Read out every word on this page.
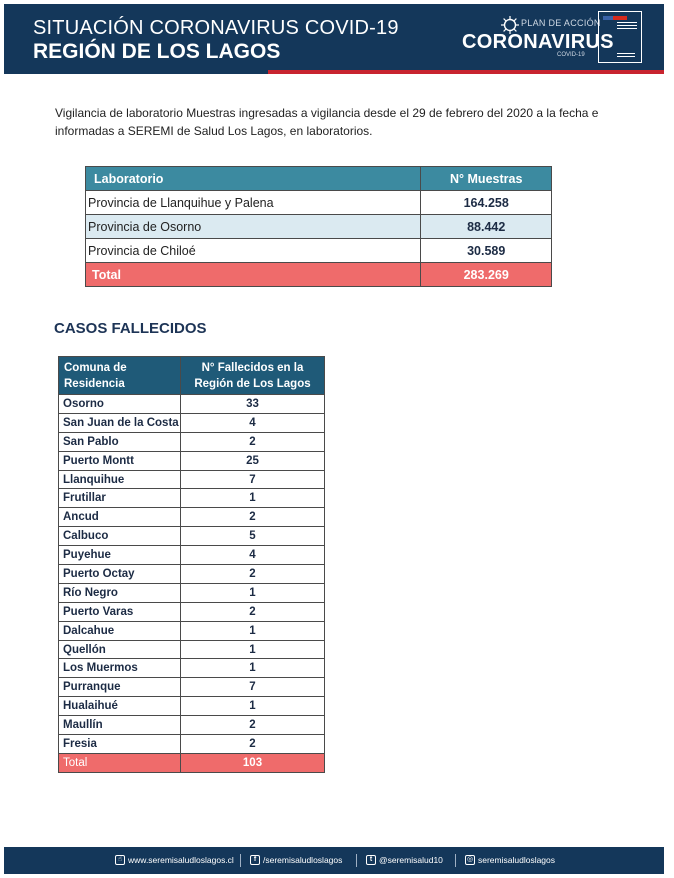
SITUACIÓN CORONAVIRUS COVID-19
REGIÓN DE LOS LAGOS
PLAN DE ACCIÓN
CORONAVIRUS
COVID-19

Vigilancia de laboratorio Muestras ingresadas a vigilancia desde el 29 de febrero del 2020 a la fecha e informadas a SEREMI de Salud Los Lagos, en laboratorios.

Laboratorio	N° Muestras
Provincia de Llanquihue y Palena	164.258
Provincia de Osorno	88.442
Provincia de Chiloé	30.589
Total	283.269
CASOS FALLECIDOS
Comuna de Residencia	N° Fallecidos en la Región de Los Lagos
Osorno	33
San Juan de la Costa	4
San Pablo	2
Puerto Montt	25
Llanquihue	7
Frutillar	1
Ancud	2
Calbuco	5
Puyehue	4
Puerto Octay	2
Río Negro	1
Puerto Varas	2
Dalcahue	1
Quellón	1
Los Muermos	1
Purranque	7
Hualaihué	1
Maullín	2
Fresia	2
Total	103
☝ www.seremisaludloslagos.cl	f /seremisaludloslagos	t @seremisalud10	◎ seremisaludloslagos
